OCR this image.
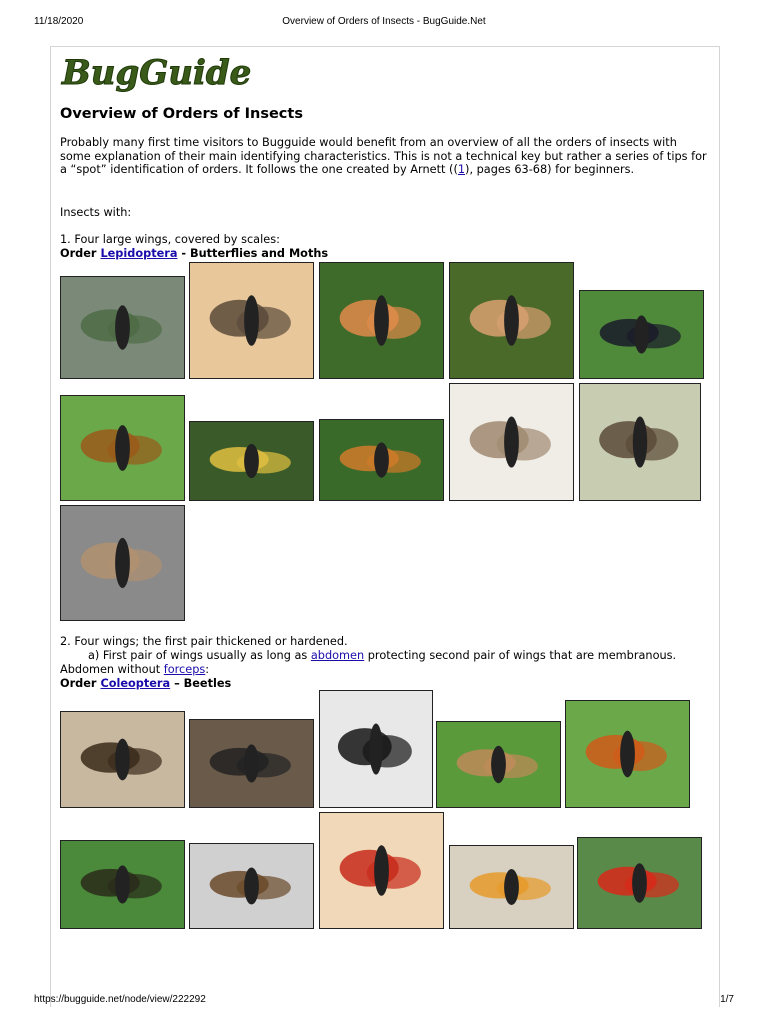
11/18/2020	Overview of Orders of Insects - BugGuide.Net
BugGuide
Overview of Orders of Insects
Probably many first time visitors to Bugguide would benefit from an overview of all the orders of insects with some explanation of their main identifying characteristics. This is not a technical key but rather a series of tips for a “spot” identification of orders. It follows the one created by Arnett ((1), pages 63-68) for beginners.
Insects with:
1. Four large wings, covered by scales:
Order Lepidoptera - Butterflies and Moths
2. Four wings; the first pair thickened or hardened.
a) First pair of wings usually as long as abdomen protecting second pair of wings that are membranous.
Abdomen without forceps:
Order Coleoptera – Beetles
https://bugguide.net/node/view/222292	1/7
